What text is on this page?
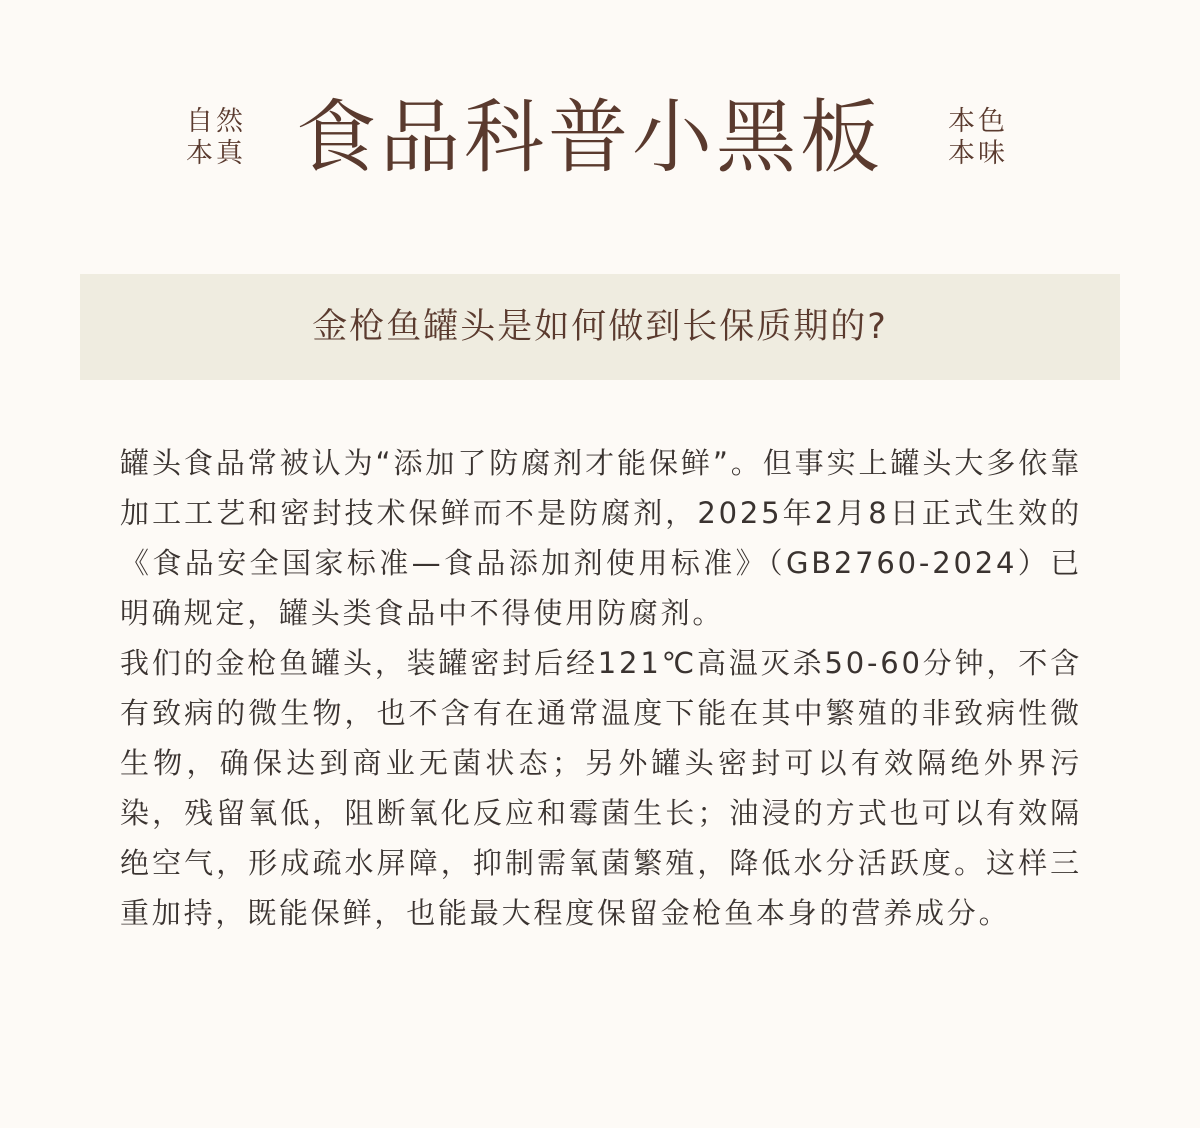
自然
本真 食品科普小黑板	本色
本味
金枪鱼罐头是如何做到长保质期的?

罐头食品常被认为“添加了防腐剂才能保鲜”。但事实上罐头大多依靠加工工艺和密封技术保鲜而不是防腐剂，2025年2月8日正式生效的《食品安全国家标准—食品添加剂使用标准》（GB2760-2024）已明确规定，罐头类食品中不得使用防腐剂。

我们的金枪鱼罐头，装罐密封后经121℃高温灭杀50-60分钟，不含有致病的微生物，也不含有在通常温度下能在其中繁殖的非致病性微生物，确保达到商业无菌状态；另外罐头密封可以有效隔绝外界污染，残留氧低，阻断氧化反应和霉菌生长；油浸的方式也可以有效隔绝空气，形成疏水屏障，抑制需氧菌繁殖，降低水分活跃度。这样三重加持，既能保鲜，也能最大程度保留金枪鱼本身的营养成分。
